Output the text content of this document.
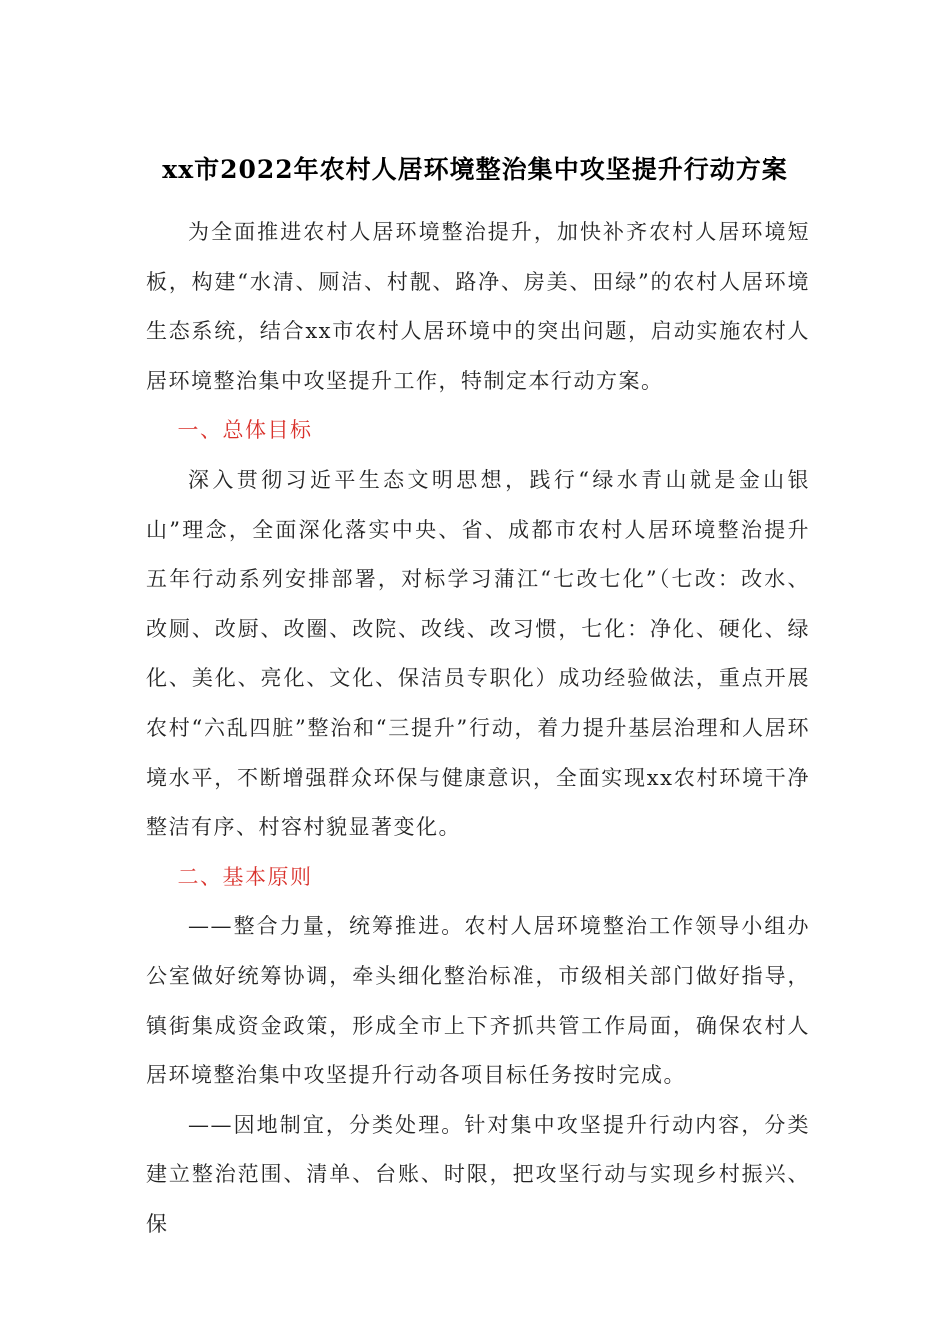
xx市2022年农村人居环境整治集中攻坚提升行动方案

为全面推进农村人居环境整治提升，加快补齐农村人居环境短板，构建“水清、厕洁、村靓、路净、房美、田绿”的农村人居环境生态系统，结合xx市农村人居环境中的突出问题，启动实施农村人居环境整治集中攻坚提升工作，特制定本行动方案。

一、总体目标

深入贯彻习近平生态文明思想，践行“绿水青山就是金山银山”理念，全面深化落实中央、省、成都市农村人居环境整治提升五年行动系列安排部署，对标学习蒲江“七改七化”（七改：改水、改厕、改厨、改圈、改院、改线、改习惯，七化：净化、硬化、绿化、美化、亮化、文化、保洁员专职化）成功经验做法，重点开展农村“六乱四脏”整治和“三提升”行动，着力提升基层治理和人居环境水平，不断增强群众环保与健康意识，全面实现xx农村环境干净整洁有序、村容村貌显著变化。

二、基本原则

——整合力量，统筹推进。农村人居环境整治工作领导小组办公室做好统筹协调，牵头细化整治标准，市级相关部门做好指导，镇街集成资金政策，形成全市上下齐抓共管工作局面，确保农村人居环境整治集中攻坚提升行动各项目标任务按时完成。

——因地制宜，分类处理。针对集中攻坚提升行动内容，分类建立整治范围、清单、台账、时限，把攻坚行动与实现乡村振兴、保
